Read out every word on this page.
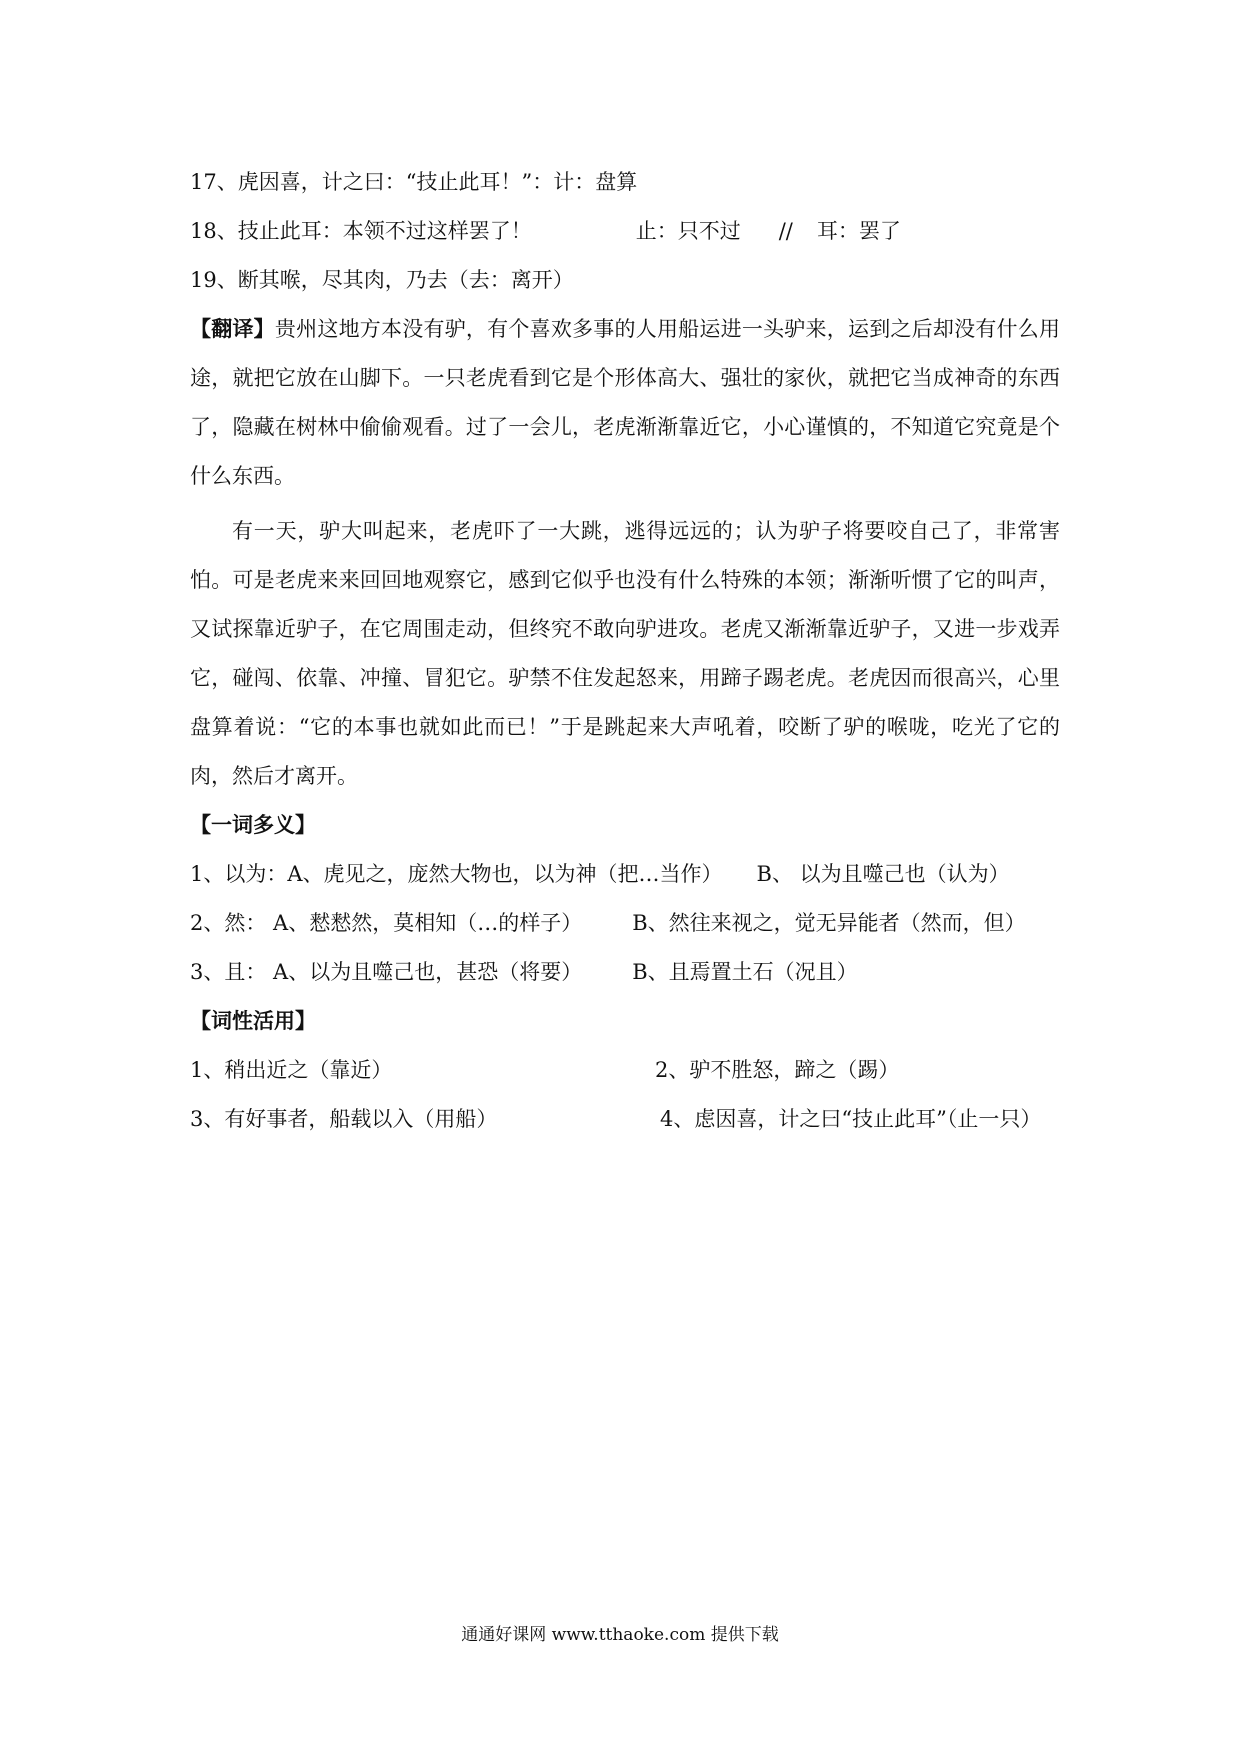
17、虎因喜，计之曰：“技止此耳！”：计：盘算
18、技止此耳：本领不过这样罢了！	止：只不过 // 耳：罢了
19、断其喉，尽其肉，乃去（去：离开）

【翻译】贵州这地方本没有驴，有个喜欢多事的人用船运进一头驴来，运到之后却没有什么用途，就把它放在山脚下。一只老虎看到它是个形体高大、强壮的家伙，就把它当成神奇的东西了，隐藏在树林中偷偷观看。过了一会儿，老虎渐渐靠近它，小心谨慎的，不知道它究竟是个什么东西。

有一天，驴大叫起来，老虎吓了一大跳，逃得远远的；认为驴子将要咬自己了，非常害怕。可是老虎来来回回地观察它，感到它似乎也没有什么特殊的本领；渐渐听惯了它的叫声，又试探靠近驴子，在它周围走动，但终究不敢向驴进攻。老虎又渐渐靠近驴子，又进一步戏弄它，碰闯、依靠、冲撞、冒犯它。驴禁不住发起怒来，用蹄子踢老虎。老虎因而很高兴，心里盘算着说：“它的本事也就如此而已！”于是跳起来大声吼着，咬断了驴的喉咙，吃光了它的肉，然后才离开。

【一词多义】
1、以为：A、虎见之，庞然大物也，以为神（把…当作） B、 以为且噬己也（认为）
2、然： A、慭慭然，莫相知（…的样子） B、然往来视之，觉无异能者（然而，但）
3、且： A、以为且噬己也，甚恐（将要） B、且焉置土石（况且）
【词性活用】
1、稍出近之（靠近）	2、驴不胜怒，蹄之（踢）
3、有好事者，船载以入（用船）	4、虑因喜，计之曰“技止此耳”（止一只）
通通好课网 www.tthaoke.com 提供下载
